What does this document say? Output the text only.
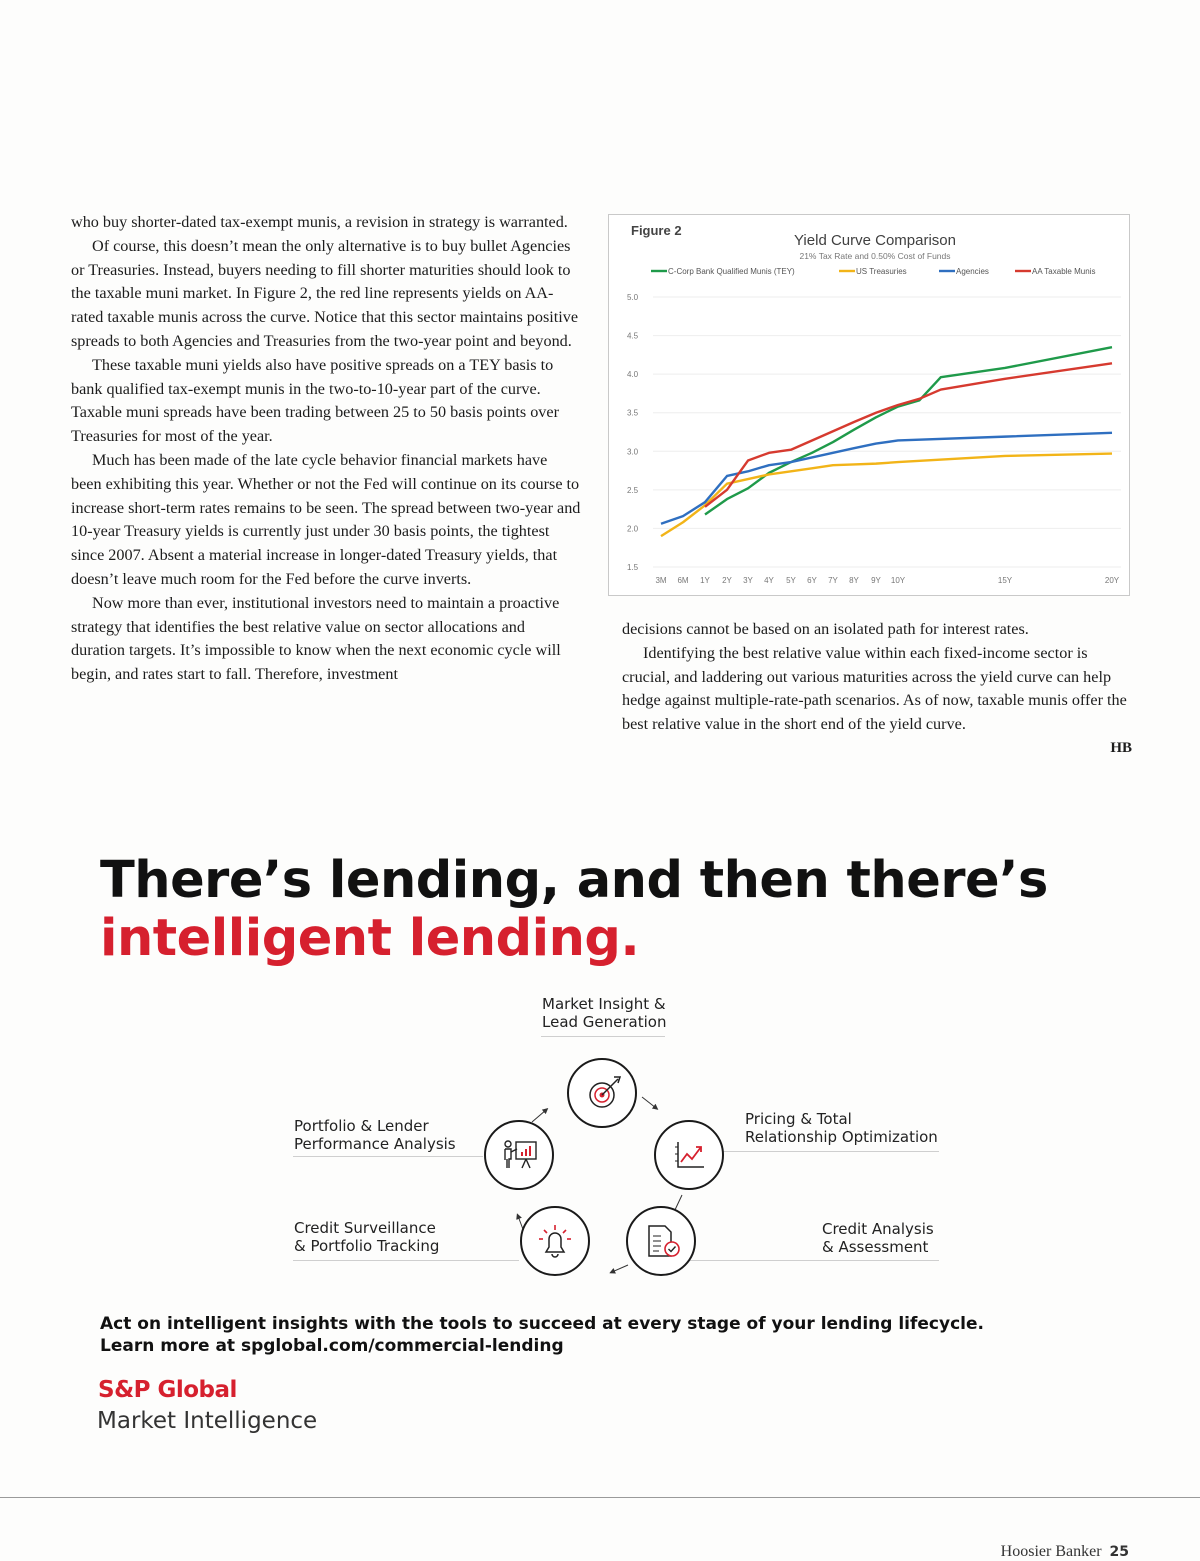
who buy shorter-dated tax-exempt munis, a revision in strategy is warranted.

Of course, this doesn’t mean the only alternative is to buy bullet Agencies or Treasuries. Instead, buyers needing to fill shorter maturities should look to the taxable muni market. In Figure 2, the red line represents yields on AA-rated taxable munis across the curve. Notice that this sector maintains positive spreads to both Agencies and Treasuries from the two-year point and beyond.

These taxable muni yields also have positive spreads on a TEY basis to bank qualified tax-exempt munis in the two-to-10-year part of the curve. Taxable muni spreads have been trading between 25 to 50 basis points over Treasuries for most of the year.

Much has been made of the late cycle behavior financial markets have been exhibiting this year. Whether or not the Fed will continue on its course to increase short-term rates remains to be seen. The spread between two-year and 10-year Treasury yields is currently just under 30 basis points, the tightest since 2007. Absent a material increase in longer-dated Treasury yields, that doesn’t leave much room for the Fed before the curve inverts.

Now more than ever, institutional investors need to maintain a proactive strategy that identifies the best relative value on sector allocations and duration targets. It’s impossible to know when the next economic cycle will begin, and rates start to fall. Therefore, investment

decisions cannot be based on an isolated path for interest rates.

Identifying the best relative value within each fixed-income sector is crucial, and laddering out various maturities across the yield curve can help hedge against multiple-rate-path scenarios. As of now, taxable munis offer the best relative value in the short end of the yield curve.

HB
Figure 2
Yield Curve Comparison
21% Tax Rate and 0.50% Cost of Funds
C-Corp Bank Qualified Munis (TEY)	US Treasuries	Agencies	AA Taxable Munis
5.0
4.5
4.0
3.5
3.0
2.5
2.0
1.5
3M 6M 1Y 2Y 3Y 4Y 5Y 6Y 7Y 8Y 9Y 10Y	15Y	20Y
There’s lending, and then there’s
intelligent lending.
Market Insight &
Lead Generation
Pricing & Total
Relationship Optimization
Portfolio & Lender
Performance Analysis
Credit Surveillance
& Portfolio Tracking
Credit Analysis
& Assessment
Act on intelligent insights with the tools to succeed at every stage of your lending lifecycle.
Learn more at spglobal.com/commercial-lending
S&P Global
Market Intelligence
Hoosier Banker 25
